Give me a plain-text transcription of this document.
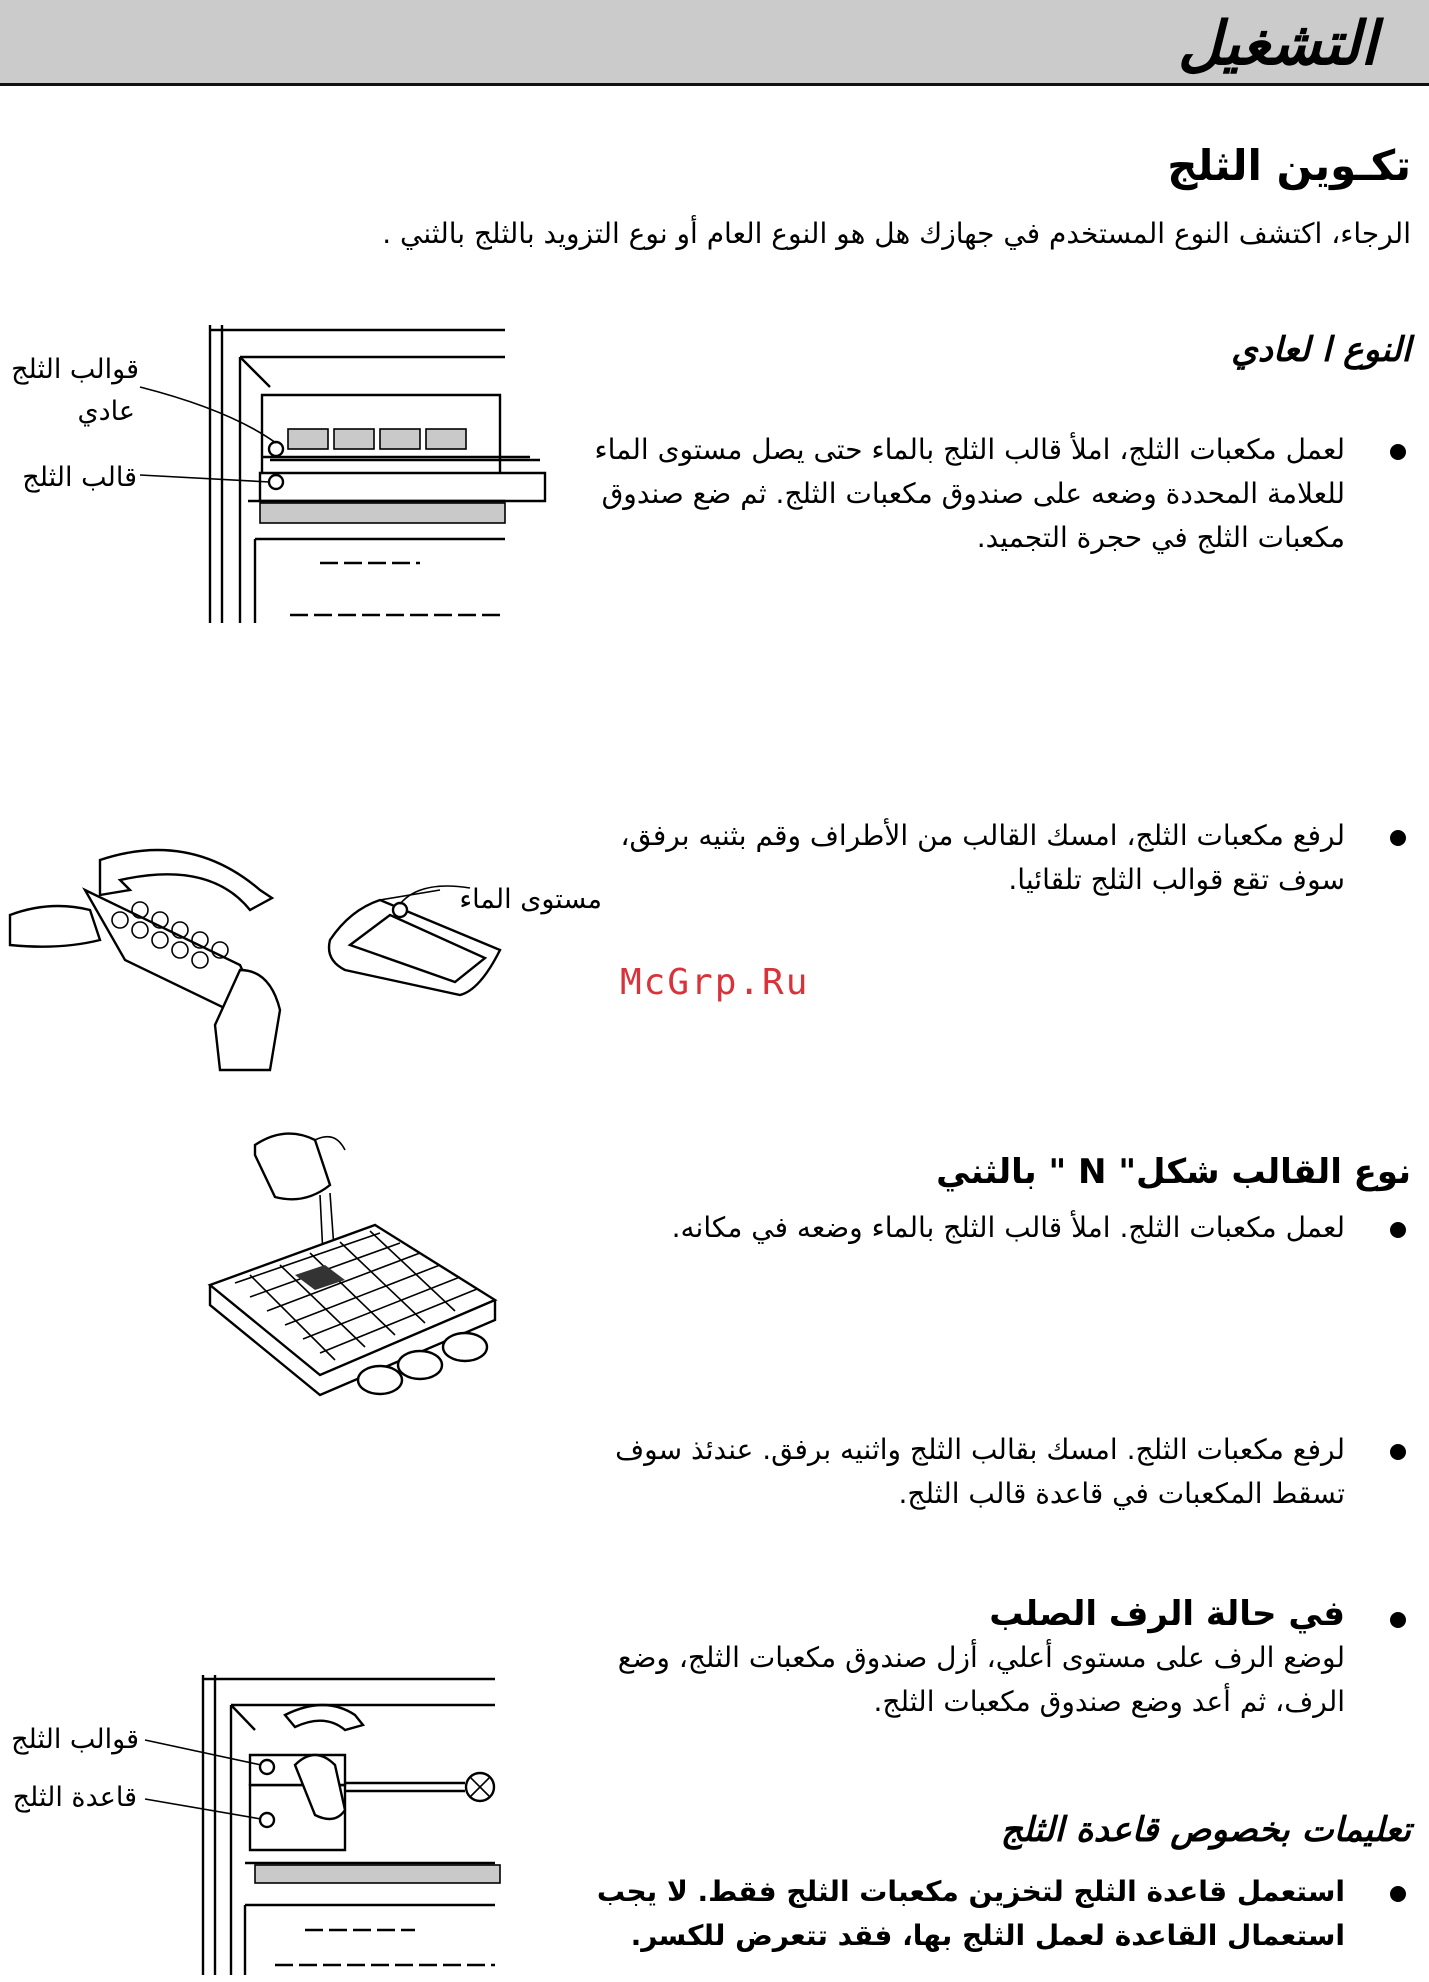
التشغيل
تكـوين الثلج
الرجاء، اكتشف النوع المستخدم في جهازك هل هو النوع العام أو نوع التزويد بالثلج بالثني .
النوع ا لعادي
لعمل مكعبات الثلج، املأ قالب الثلج بالماء حتى يصل مستوى الماء للعلامة المحددة وضعه على صندوق مكعبات الثلج. ثم ضع صندوق مكعبات الثلج في حجرة التجميد.
لرفع مكعبات الثلج، امسك القالب من الأطراف وقم بثنيه برفق، سوف تقع قوالب الثلج تلقائيا.
قوالب الثلج
عادي
قالب الثلج
مستوى الماء
McGrp.Ru
نوع القالب شكل" N " بالثني
لعمل مكعبات الثلج. املأ قالب الثلج بالماء وضعه في مكانه.
لرفع مكعبات الثلج. امسك بقالب الثلج واثنيه برفق. عندئذ سوف تسقط المكعبات في قاعدة قالب الثلج.
في حالة الرف الصلب
لوضع الرف على مستوى أعلي، أزل صندوق مكعبات الثلج، وضع الرف، ثم أعد وضع صندوق مكعبات الثلج.
قوالب الثلج
قاعدة الثلج
تعليمات بخصوص قاعدة الثلج
استعمل قاعدة الثلج لتخزين مكعبات الثلج فقط. لا يجب استعمال القاعدة لعمل الثلج بها، فقد تتعرض للكسر.
